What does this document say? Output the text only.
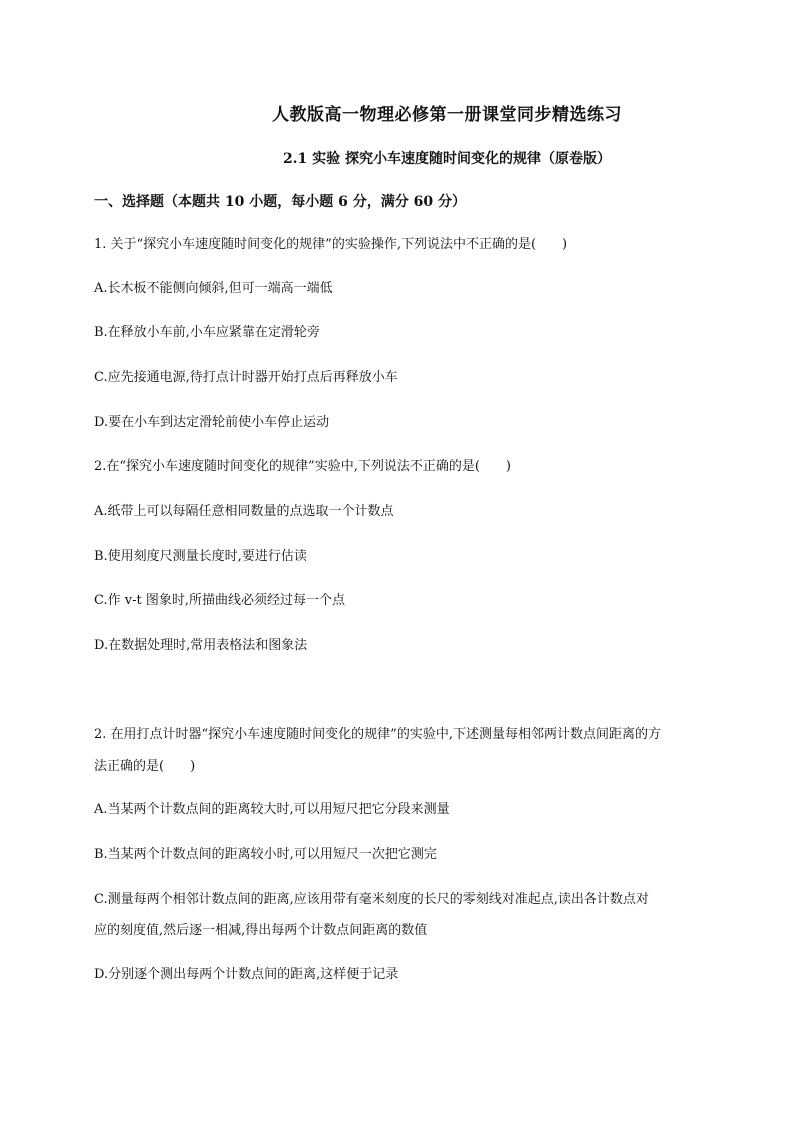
人教版高一物理必修第一册课堂同步精选练习
2.1 实验 探究小车速度随时间变化的规律（原卷版）
一、选择题（本题共 10 小题，每小题 6 分，满分 60 分）
1. 关于“探究小车速度随时间变化的规律”的实验操作,下列说法中不正确的是(　　)
A.长木板不能侧向倾斜,但可一端高一端低
B.在释放小车前,小车应紧靠在定滑轮旁
C.应先接通电源,待打点计时器开始打点后再释放小车
D.要在小车到达定滑轮前使小车停止运动
2.在“探究小车速度随时间变化的规律”实验中,下列说法不正确的是(　　)
A.纸带上可以每隔任意相同数量的点选取一个计数点
B.使用刻度尺测量长度时,要进行估读
C.作 v-t 图象时,所描曲线必须经过每一个点
D.在数据处理时,常用表格法和图象法
2. 在用打点计时器“探究小车速度随时间变化的规律”的实验中,下述测量每相邻两计数点间距离的方
法正确的是(　　)
A.当某两个计数点间的距离较大时,可以用短尺把它分段来测量
B.当某两个计数点间的距离较小时,可以用短尺一次把它测完
C.测量每两个相邻计数点间的距离,应该用带有毫米刻度的长尺的零刻线对准起点,读出各计数点对
应的刻度值,然后逐一相减,得出每两个计数点间距离的数值
D.分别逐个测出每两个计数点间的距离,这样便于记录
